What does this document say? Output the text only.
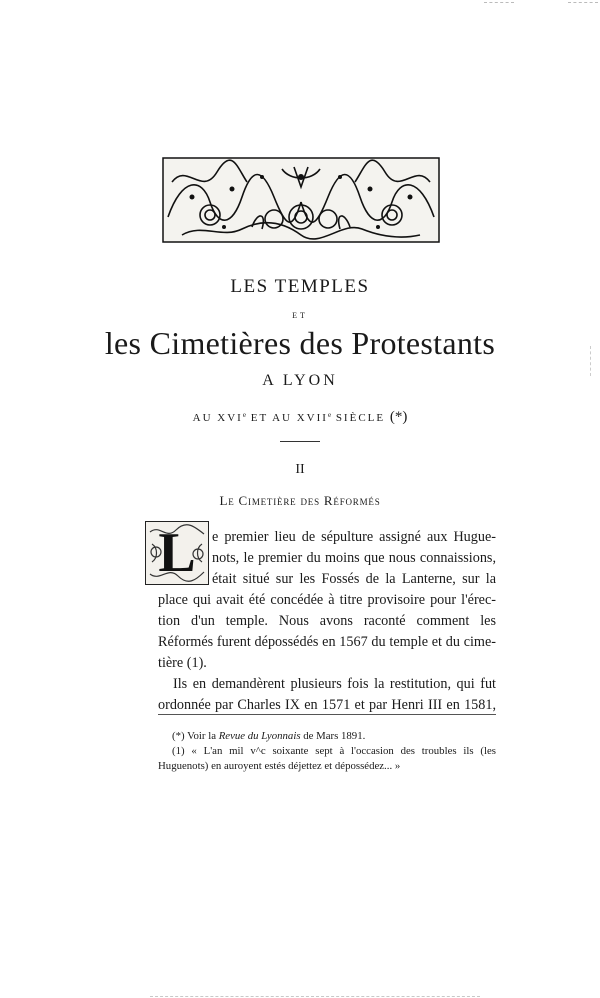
LES TEMPLES
ET
les Cimetières des Protestants
A LYON
AU XVIe ET AU XVIIe SIÈCLE (*)
II
Le Cimetière des Réformés
L	e premier lieu de sépulture assigné aux Hugue-
nots, le premier du moins que nous connaissions,
était situé sur les Fossés de la Lanterne, sur la
place qui avait été concédée à titre provisoire pour l'érec-
tion d'un temple. Nous avons raconté comment les
Réformés furent dépossédés en 1567 du temple et du cime-
tière (1).
Ils en demandèrent plusieurs fois la restitution, qui fut
ordonnée par Charles IX en 1571 et par Henri III en 1581,
(*) Voir la Revue du Lyonnais de Mars 1891.
(1) « L'an mil v^c soixante sept à l'occasion des troubles ils (les
Huguenots) en auroyent estés déjettez et dépossédez... »
